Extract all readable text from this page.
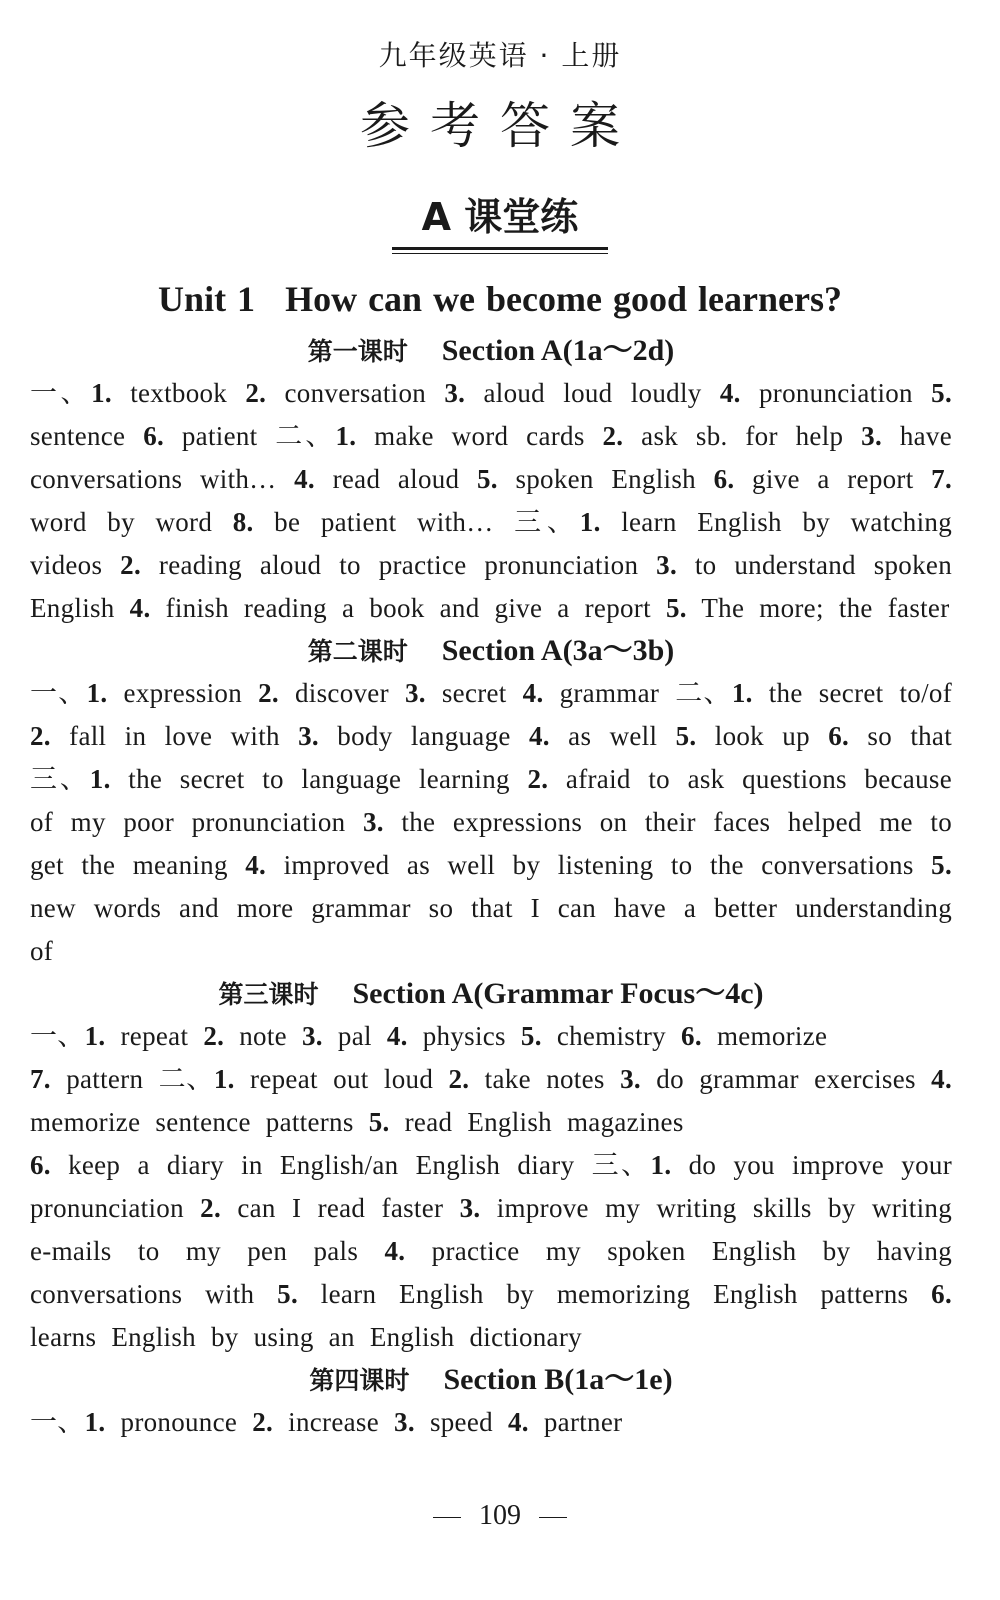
九年级英语 · 上册
参考答案
A 课堂练
Unit 1 How can we become good learners?
第一课时 Section A(1a～2d)
一、1. textbook 2. conversation 3. aloud loud loudly 4. pronunciation 5. sentence 6. patient 二、1. make word cards 2. ask sb. for help 3. have conversations with… 4. read aloud 5. spoken English 6. give a report 7. word by word 8. be patient with… 三、1. learn English by watching videos 2. reading aloud to practice pronunciation 3. to understand spoken English 4. finish reading a book and give a report 5. The more; the faster
第二课时 Section A(3a～3b)
一、1. expression 2. discover 3. secret 4. grammar 二、1. the secret to/of 2. fall in love with 3. body language 4. as well 5. look up 6. so that 三、1. the secret to language learning 2. afraid to ask questions because of my poor pronunciation 3. the expressions on their faces helped me to get the meaning 4. improved as well by listening to the conversations 5. new words and more grammar so that I can have a better understanding of
第三课时 Section A(Grammar Focus～4c)
一、1. repeat 2. note 3. pal 4. physics 5. chemistry 6. memorize
7. pattern 二、1. repeat out loud 2. take notes 3. do grammar exercises 4. memorize sentence patterns 5. read English magazines
6. keep a diary in English/an English diary 三、1. do you improve your pronunciation 2. can I read faster 3. improve my writing skills by writing e-mails to my pen pals 4. practice my spoken English by having conversations with 5. learn English by memorizing English patterns 6. learns English by using an English dictionary
第四课时 Section B(1a～1e)
一、1. pronounce 2. increase 3. speed 4. partner
109
